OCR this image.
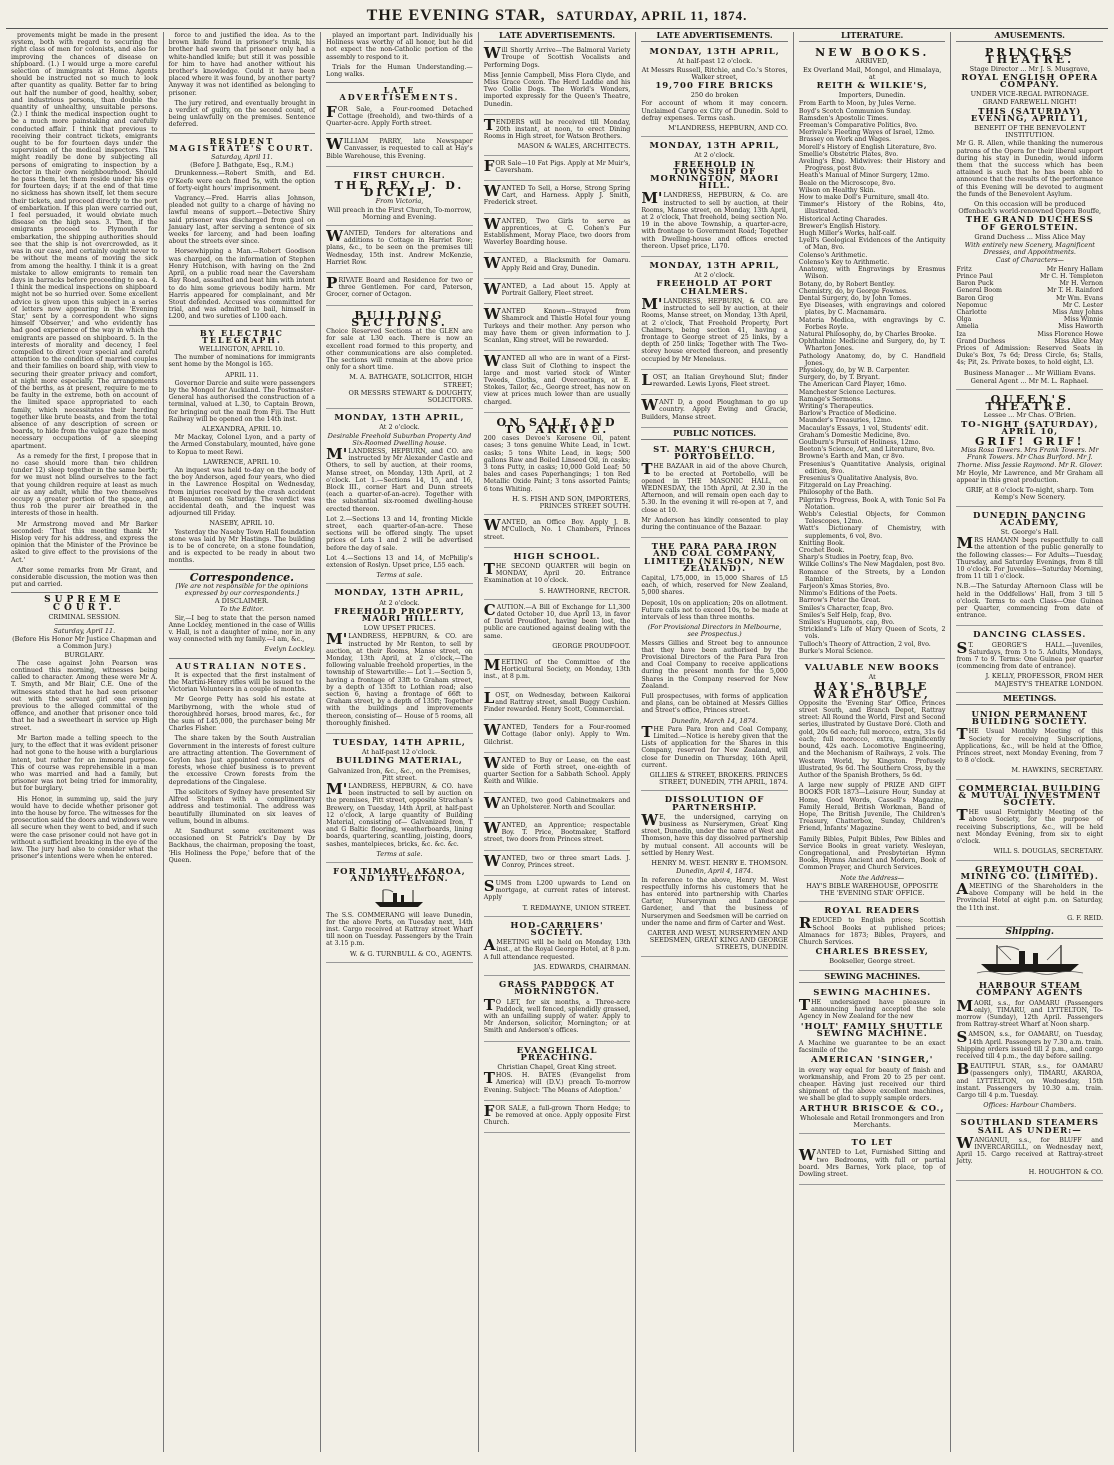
THE EVENING STAR , SATURDAY, APRIL 11, 1874.

provements might be made in the present system, both with regard to securing the right class of men for colonists, and also for improving the chances of disease on shipboard. (1.) I would urge a more careful selection of immigrants at Home. Agents should be instructed not so much to look after quantity as quality. Better far to bring out half the number of good, healthy, sober, and industrious persons, than double the quantity of unhealthy, unsuitable persons. (2.) I think the medical inspection ought to be a much more painstaking and carefully conducted affair. I think that previous to receiving their contract tickets, emigrants ought to be for fourteen days under the supervision of the medical inspectors. This might readily be done by subjecting all persons of emigrating to inspection by a doctor in their own neighbourhood. Should he pass them, let them reside under his eye for fourteen days; if at the end of that time no sickness has shown itself, let them secure their tickets, and proceed directly to the port of embarkation. If this plan were carried out, I feel persuaded, it would obviate much disease on the high seas. 3. Then, if the emigrants proceed to Plymouth for embarkation, the shipping authorities should see that the ship is not overcrowded, as it was in our case, and certainly ought never to be without the means of moving the sick from among the healthy. I think it is a great mistake to allow emigrants to remain ten days in barracks before proceeding to sea. 4. I think the medical inspections on shipboard might not be so hurried over. Some excellent advice is given upon this subject in a series of letters now appearing in the 'Evening Star,' sent by a correspondent who signs himself 'Observer,' and who evidently has had good experience of the way in which the emigrants are passed on shipboard. 5. In the interests of morality and decency, I feel compelled to direct your special and careful attention to the condition of married couples and their families on board ship, with view to securing their greater privacy and comfort, at night more especially. The arrangements of the berths, as at present, require to me to be faulty in the extreme, both on account of the limited space appropriated to each family, which necessitates their herding together like brute beasts, and from the total absence of any description of screen or boards, to hide from the vulgar gaze the most necessary occupations of a sleeping apartment.

As a remedy for the first, I propose that in no case should more than two children (under 12) sleep together in the same berth; for we must not blind ourselves to the fact that young children require at least as much air as any adult, while the two themselves occupy a greater portion of the space, and thus rob the purer air breathed in the interests of those in health.

Mr Armstrong moved and Mr Barker seconded: 'That this meeting thank Mr Hislop very for his address, and express the opinion that the Minister of the Province be asked to give effect to the provisions of the Act.'

After some remarks from Mr Grant, and considerable discussion, the motion was then put and carried.

SUPREME COURT.
CRIMINAL SESSION.
Saturday, April 11.
(Before His Honor Mr Justice Chapman and a Common Jury.)
BURGLARY.

The case against John Pearson was continued this morning, witnesses being called to character. Among these were Mr A. T. Smyth, and Mr Blair, C.E. One of the witnesses stated that he had seen prisoner out with the servant girl one evening previous to the alleged committal of the offence, and another that prisoner once told that he had a sweetheart in service up High street.

Mr Barton made a telling speech to the jury, to the effect that it was evident prisoner had not gone to the house with a burglarious intent, but rather for an immoral purpose. This of course was reprehensible in a man who was married and had a family, but prisoner was not being tried for immorality, but for burglary.

His Honor, in summing up, said the jury would have to decide whether prisoner got into the house by force. The witnesses for the prosecution said the doors and windows were all secure when they went to bed, and if such were the case prisoner could not have got in without a sufficient breaking in the eye of the law. The jury had also to consider what the prisoner's intentions were when he entered.

force to and justified the idea. As to the brown knife found in prisoner's trunk, his brother had sworn that prisoner only had a white-handled knife; but still it was possible for him to have had another without his brother's knowledge. Could it have been placed where it was found, by another party? Anyway it was not identified as belonging to prisoner.

The jury retired, and eventually brought in a verdict of guilty, on the second count, of being unlawfully on the premises. Sentence deferred.

RESIDENT MAGISTRATE'S COURT.
Saturday, April 11.
(Before J. Bathgate, Esq., R.M.)

Drunkenness.—Robert Smith, and Ed. O'Keefe were each fined 5s, with the option of forty-eight hours' imprisonment.

Vagrancy.—Fred. Harris alias Johnson, pleaded not guilty to a charge of having no lawful means of support.—Detective Shiry said prisoner was discharged from gaol on January last, after serving a sentence of six weeks for larceny, and had been loafing about the streets ever since.

Horsewhipping a Man.—Robert Goodison was charged, on the information of Stephen Henry Hutchison, with having on the 2nd April, on a public road near the Caversham Bay Road, assaulted and beat him with intent to do him some grievous bodily harm. Mr Harris appeared for complainant, and Mr Stout defended. Accused was committed for trial, and was admitted to bail, himself in L200, and two sureties of L100 each.

BY ELECTRIC TELEGRAPH.
WELLINGTON, APRIL 10.

The number of nominations for immigrants sent home by the Mongol is 165.

APRIL 11.

Governor Darcie and suite were passengers by the Mongol for Auckland. The Postmaster-General has authorised the construction of a terminal, valued at L.30, to Captain Brown, for bringing out the mail from Fiji. The Hutt Railway will be opened on the 14th inst.

ALEXANDRA, APRIL 10.

Mr Mackay, Colonel Lyon, and a party of the Armed Constabulary, mounted, have gone to Kopua to meet Rewi.

LAWRENCE, APRIL 10.

An inquest was held to-day on the body of the boy Anderson, aged four years, who died in the Lawrence Hospital on Wednesday, from injuries received by the crash accident at Beaumont on Saturday. The verdict was accidental death, and the inquest was adjourned till Friday.

NASEBY, APRIL 10.

Yesterday the Naseby Town Hall foundation stone was laid by Mr Hastings. The building is to be of concrete, on a stone foundation, and is expected to be ready in about two months.

Correspondence.
[We are not responsible for the opinions expressed by our correspondents.]
A DISCLAIMER.
To the Editor.

Sir,—I beg to state that the person named Anne Lockley, mentioned in the case of Willis v. Hall, is not a daughter of mine, nor in any way connected with my family.—I am, &c.,

Evelyn Lockley.
AUSTRALIAN NOTES.

It is expected that the first instalment of the Martini-Henry rifles will be issued to the Victorian Volunteers in a couple of months.

Mr George Petty has sold his estate at Maribyrnong, with the whole stud of thoroughbred horses, brood mares, &c., for the sum of L45,000, the purchaser being Mr Charles Fisher.

The share taken by the South Australian Government in the interests of forest culture are attracting attention. The Government of Ceylon has just appointed conservators of forests, whose chief business is to prevent the excessive Crown forests from the depredations of the Cingalese.

The solicitors of Sydney have presented Sir Alfred Stephen with a complimentary address and testimonial. The address was beautifully illuminated on six leaves of vellum, bound in albums.

At Sandhurst some excitement was occasioned on St Patrick's Day by Dr Backhaus, the chairman, proposing the toast, 'His Holiness the Pope,' before that of the Queen.

played an important part. Individually his Holiness was worthy of all honor, but he did not expect the non-Catholic portion of the assembly to respond to it.

Trials for the Human Understanding.—Long walks.

LATE ADVERTISEMENTS.

FOR Sale, a Four-roomed Detached Cottage (freehold), and two-thirds of a Quarter-acre. Apply Forth street.

WILLIAM PARRY, late Newspaper Canvasser, is requested to call at Hay's Bible Warehouse, this Evening.

FIRST CHURCH.
THE REV. J. D. DICKIE,
From Victoria,
Will preach in the First Church, To-morrow, Morning and Evening.

WANTED, Tenders for alterations and additions to Cottage in Harriet Row; plans, &c., to be seen on the premises till Wednesday, 15th inst. Andrew McKenzie, Harriet Row.

PRIVATE Board and Residence for two or three Gentlemen. For card, Paterson, Grocer, corner of Octagon.

BUILDING SECTIONS.

Choice Reserved Sections at the GLEN are for sale at L30 each. There is now an excellent road formed to this property, and other communications are also completed. The sections will remain at the above price only for a short time.

M. A. BATHGATE, SOLICITOR, HIGH STREET;
OR MESSRS STEWART & DOUGHTY, SOLICITORS.
MONDAY, 13TH APRIL,
At 2 o'clock.
Desirable Freehold Suburban Property And Six-Roomed Dwelling house.

M'LANDRESS, HEPBURN, and CO. are instructed by Mr Alexander Castle and Others, to sell by auction, at their rooms, Manse street, on Monday, 13th April, at 2 o'clock. Lot 1.—Sections 14, 15, and 16, Block III., corner Hart and Dunn streets (each a quarter-of-an-acre). Together with the substantial six-roomed dwelling-house erected thereon.

Lot 2.—Sections 13 and 14, fronting Mickle street, each quarter-of-an-acre. These sections will be offered singly. The upset prices of Lots 1 and 2 will be advertised before the day of sale.

Lot 4.—Sections 13 and 14, of McPhilip's extension of Roslyn. Upset price, L55 each.

Terms at sale.
MONDAY, 13TH APRIL,
At 2 o'clock.
FREEHOLD PROPERTY, MAORI HILL.
LOW UPSET PRICES.

M'LANDRESS, HEPBURN, & CO. are instructed by Mr Renton, to sell by auction, at their Rooms, Manse street, on Monday, 13th April, at 2 o'clock,—The following valuable freehold properties, in the township of Stewartville:— Lot 1.—Section 5, having a frontage of 33ft to Graham street, by a depth of 135ft to Lothian road; also section 6, having a frontage of 66ft to Graham street, by a depth of 135ft; Together with the buildings and improvements thereon, consisting of— House of 5 rooms, all thoroughly finished.

TUESDAY, 14TH APRIL,
At half-past 12 o'clock.
BUILDING MATERIAL,
Galvanized Iron, &c., &c., on the Premises, Pitt street.

M'LANDRESS, HEPBURN, & CO. have been instructed to sell by auction on the premises, Pitt street, opposite Strachan's Brewery, on Tuesday, 14th April, at half-past 12 o'clock, A large quantity of Building Material, consisting of— Galvanized Iron, T and G Baltic flooring, weatherboards, lining boards, quartering, scantling, joisting, doors, sashes, mantelpieces, bricks, &c. &c. &c.

Terms at sale.
FOR TIMARU, AKAROA, AND LYTTELTON.

The S.S. COMMERANG will leave Dunedin, for the above Ports, on Tuesday next, 14th inst. Cargo received at Rattray street Wharf till noon on Tuesday. Passengers by the Train at 3.15 p.m.

W. & G. TURNBULL & CO., AGENTS.
LATE ADVERTISEMENTS.

Will Shortly Arrive—The Balmoral Variety Troupe of Scottish Vocalists and Performing Dogs.

Miss Jennie Campbell, Miss Flora Clyde, and Miss Grace Coxon. The Herd Laddie and his Two Collie Dogs. The World's Wonders, imported expressly for the Queen's Theatre, Dunedin.

TENDERS will be received till Monday, 20th instant, at noon, to erect Dining Rooms in High street, for Watson Brothers.

MASON & WALES, ARCHITECTS.

FOR Sale—10 Fat Pigs. Apply at Mr Muir's, Caversham.

WANTED To Sell, a Horse, Strong Spring Cart, and Harness. Apply J. Smith, Frederick street.

WANTED, Two Girls to serve as apprentices, at C. Cohen's Fur Establishment, Moray Place, two doors from Waverley Boarding house.

WANTED, a Blacksmith for Oamaru. Apply Reid and Gray, Dunedin.

WANTED, a Lad about 15. Apply at Portrait Gallery, Fleet street.

WANTED Known—Strayed from Shamrock and Thistle Hotel four young Turkeys and their mother. Any person who may have them or given information to J. Scanlan, King street, will be rewarded.

WANTED all who are in want of a First-class Suit of Clothing to inspect the large and most varied stock of Winter Tweeds, Cloths, and Overcoatings, at E. Stokes, Tailor, &c., George street, has now on view at prices much lower than are usually charged.

ON SALE AND TO ARRIVE.

200 cases Devoe's Kerosene Oil, patent cases; 3 tons genuine White Lead, in 1cwt. casks; 5 tons White Lead, in kegs; 500 gallons Raw and Boiled Linseed Oil, in casks; 3 tons Putty, in casks; 10,000 Gold Leaf; 50 bales and cases Paperhangings; 1 ton Red Metallic Oxide Paint; 3 tons assorted Paints; 6 tons Whiting.

H. S. FISH AND SON, IMPORTERS, PRINCES STREET SOUTH.

WANTED, an Office Boy. Apply J. B. M'Culloch, No. 1 Chambers, Princes street.

HIGH SCHOOL.

THE SECOND QUARTER will begin on MONDAY, April 20. Entrance Examination at 10 o'clock.

S. HAWTHORNE, RECTOR.

CAUTION.—A Bill of Exchange for L1,300 dated October 10, due April 13, in favor of David Proudfoot, having been lost, the public are cautioned against dealing with the same.

GEORGE PROUDFOOT.

MEETING of the Committee of the Horticultural Society, on Monday, 13th inst., at 8 p.m.

LOST, on Wednesday, between Kaikorai and Rattray street, small Buggy Cushion. Finder rewarded. Henry Scott, Commercial.

WANTED, Tenders for a Four-roomed Cottage (labor only). Apply to Wm. Gilchrist.

WANTED to Buy or Lease, on the east side of Forth street, one-eighth of quarter Section for a Sabbath School. Apply Keith and Wilkie.

WANTED, two good Cabinetmakers and an Upholsterer. North and Scoullar.

WANTED, an Apprentice; respectable Boy. T. Price, Bootmaker, Stafford street, two doors from Princes street.

WANTED, two or three smart Lads. J. Conroy, Princes street.

SUMS from L200 upwards to Lend on mortgage, at current rates of interest. Apply

T. REDMAYNE, UNION STREET.
HOD-CARRIERS' SOCIETY.

AMEETING will be held on Monday, 13th inst., at the Royal George Hotel, at 8 p.m. A full attendance requested.

JAS. EDWARDS, CHAIRMAN.
GRASS PADDOCK AT MORNINGTON.

TO LET, for six months, a Three-acre Paddock, well fenced, splendidly grassed, with an unfailing supply of water. Apply to Mr Anderson, solicitor, Mornington; or at Smith and Anderson's offices.

EVANGELICAL PREACHING.
Christian Chapel, Great King street.

THOS. H. BATES (Evangelist from America) will (D.V.) preach To-morrow Evening. Subject: 'The Means of Adoption.'

FOR SALE, a full-grown Thorn Hedge; to be removed at once. Apply opposite First Church.

LATE ADVERTISEMENTS.
MONDAY, 13TH APRIL,
At half-past 12 o'clock.
At Messrs Russell, Ritchie, and Co.'s Stores, Walker street,
19,700 FIRE BRICKS
250 do broken

For account of whom it may concern. Unclaimed Cargo ex City of Dunedin. Sold to defray expenses. Terms cash.

M'LANDRESS, HEPBURN, AND CO.
MONDAY, 13TH APRIL,
At 2 o'clock.
FREEHOLD IN TOWNSHIP OF MORNINGTON, MAORI HILL.

M'LANDRESS, HEPBURN, & Co. are instructed to sell by auction, at their Rooms, Manse street, on Monday, 13th April, at 2 o'clock, That freehold, being section No. 19 in the above Township, a quarter-acre, with frontage to Government Road; Together with Dwelling-house and offices erected thereon. Upset price, L170.

MONDAY, 13TH APRIL,
At 2 o'clock.
FREEHOLD AT PORT CHALMERS.

M'LANDRESS, HEPBURN, & CO. are instructed to sell by auction, at their Rooms, Manse street, on Monday, 13th April, at 2 o'clock, That Freehold Property, Port Chalmers, being section 41, having a frontage to George street of 25 links, by a depth of 250 links; Together with The Two-storey house erected thereon, and presently occupied by Mr Menelaus.

LOST, an Italian Greyhound Slut; finder rewarded. Lewis Lyons, Fleet street.

WANT D, a good Ploughman to go up country. Apply Ewing and Gracie, Builders, Manse street.

PUBLIC NOTICES.
ST. MARY'S CHURCH, PORTOBELLO.

THE BAZAAR in aid of the above Church, to be erected at Portobello, will be opened in THE MASONIC HALL, on WEDNESDAY, the 15th April, At 2.30 in the Afternoon, and will remain open each day to 5.30. In the evening it will re-open at 7, and close at 10.

Mr Anderson has kindly consented to play during the continuance of the Bazaar.

THE PARA PARA IRON AND COAL COMPANY, LIMITED (NELSON, NEW ZEALAND).

Capital, L75,000, in 15,000 Shares of L5 each, of which, reserved for New Zealand, 5,000 shares.

Deposit, 10s on application; 20s on allotment. Future calls not to exceed 10s, to be made at intervals of less than three months.

(For Provisional Directors in Melbourne, see Prospectus.)

Messrs Gillies and Street beg to announce that they have been authorised by the Provisional Directors of the Para Para Iron and Coal Company to receive applications during the present month for the 5,000 Shares in the Company reserved for New Zealand.

Full prospectuses, with forms of application and plans, can be obtained at Messrs Gillies and Street's office, Princes street.

Dunedin, March 14, 1874.

THE Para Para Iron and Coal Company, Limited.—Notice is hereby given that the Lists of application for the Shares in this Company, reserved for New Zealand, will close for Dunedin on Thursday, 16th April, current.

GILLIES & STREET, BROKERS. PRINCES STREET, DUNEDIN, 7TH APRIL, 1874.
DISSOLUTION OF PARTNERSHIP.

WE, the undersigned, carrying on business as Nurserymen, Great King street, Dunedin, under the name of West and Thomson, have this day dissolved partnership by mutual consent. All accounts will be settled by Henry West.

HENRY M. WEST. HENRY E. THOMSON.
Dunedin, April 4, 1874.

In reference to the above, Henry M. West respectfully informs his customers that he has entered into partnership with Charles Carter, Nurseryman and Landscape Gardener, and that the business of Nurserymen and Seedsmen will be carried on under the name and firm of Carter and West.

CARTER AND WEST, NURSERYMEN AND SEEDSMEN, GREAT KING AND GEORGE STREETS, DUNEDIN.
LITERATURE.
NEW BOOKS.
ARRIVED,
Ex Overland Mail, Mongol, and Himalaya, at
REITH & WILKIE'S,
Importers, Dunedin.
From Earth to Moon, by Jules Verne.
Boyd's Scotch Communion Sunday.
Ramsden's Apostolic Times.
Freeman's Comparative Politics, 8vo.
Merivale's Fleeting Wayes of Israel, 12mo.
Brassey on Work and Wages.
Morell's History of English Literature, 8vo.
Smellie's Obstetric Plates, 8vo.
Aveling's Eng. Midwives: their History and Progress, post 8vo.
Heath's Manual of Minor Surgery, 12mo.
Beale on the Microscope, 8vo.
Wilson on Healthy Skin.
How to make Doll's Furniture, small 4to.
Timmer's History of the Robins, 4to, illustrated.
Historical Acting Charades.
Brewer's English History.
Hugh Miller's Works, half-calf.
Lyell's Geological Evidences of the Antiquity of Man, 8vo.
Colenso's Arithmetic.
Colenso's Key to Arithmetic.
Anatomy, with Engravings by Erasmus Wilson.
Botany, do, by Robert Bentley.
Chemistry, do, by George Fownes.
Dental Surgery, do, by John Tomes.
Eye Diseases, with engravings and colored plates, by C. Macnamara.
Materia Medica, with engravings by C. Forbes Royle.
Natural Philosophy, do, by Charles Brooke.
Ophthalmic Medicine and Surgery, do, by T. Wharton Jones.
Pathology Anatomy, do, by C. Handfield Jones.
Physiology, do, by W. B. Carpenter.
Surgery, do, by T. Bryant.
The American Card Player, 16mo.
Manchester Science Lectures.
Ramage's Sermons.
Writing's Therapeutics.
Barlow's Practice of Medicine.
Maunder's Treasuries, 12mo.
Macaulay's Essays, 1 vol, Students' edit.
Graham's Domestic Medicine, 8vo.
Goulburn's Pursuit of Holiness, 12mo.
Beeton's Science, Art, and Literature, 8vo.
Browne's Earth and Man, cr 8vo.
Fresenius's Quantitative Analysis, original edition, 8vo.
Fresenius's Qualitative Analysis, 8vo.
Fitzgerald on Lay Preaching.
Philosophy of the Bath.
Pilgrim's Progress, Book A, with Tonic Sol Fa Notation.
Webb's Celestial Objects, for Common Telescopes, 12mo.
Watt's Dictionary of Chemistry, with supplements, 6 vol, 8vo.
Knitting Book.
Crochet Book.
Sharp's Studies in Poetry, fcap, 8vo.
Wilkie Collins's The New Magdalen, post 8vo.
Romance of the Streets, by a London Rambler.
Farjeon's Xmas Stories, 8vo.
Nimmo's Editions of the Poets.
Barrow's Peter the Great.
Smiles's Character, fcap, 8vo.
Smiles's Self Help, fcap, 8vo.
Smiles's Huguenots, cap, 8vo.
Strickland's Life of Mary Queen of Scots, 2 vols.
Tulloch's Theory of Attraction, 2 vol, 8vo.
Burke's Moral Science.
VALUABLE NEW BOOKS
At
HAY'S BIBLE WAREHOUSE,

Opposite the 'Evening Star' Office, Princes street South, and Branch Depot, Rattray street: All Round the World, First and Second series, illustrated by Gustave Doré. Cloth and gold, 20s 6d each; full morocco, extra, 31s 6d each; full morocco, extra, magnificently bound, 42s each. Locomotive Engineering, and the Mechanism of Railways, 2 vols. The Western World, by Kingston. Profusely illustrated, 9s 6d. The Southern Cross, by the Author of the Spanish Brothers, 5s 6d.

A large new supply of PRIZE AND GIFT BOOKS FOR 1873—Leisure Hour, Sunday at Home, Good Words, Cassell's Magazine, Family Herald, British Workman, Band of Hope, The British Juvenile, The Children's Treasury, Chatterbox, Sunday, Children's Friend, Infants' Magazine.

Family Bibles, Pulpit Bibles, Pew Bibles and Service Books in great variety. Wesleyan, Congregational, and Presbyterian Hymn Books, Hymns Ancient and Modern, Book of Common Prayer, and Church Services.

Note the Address—
HAY'S BIBLE WAREHOUSE, OPPOSITE THE 'EVENING STAR' OFFICE.
ROYAL READERS

REDUCED to English prices; Scottish School Books at published prices; Almanacs for 1873; Bibles, Prayers, and Church Services.

CHARLES BRESSEY,
Bookseller, George street.
SEWING MACHINES.
SEWING MACHINES.

THE undersigned have pleasure in announcing having accepted the sole Agency in New Zealand for the new

'HOLT' FAMILY SHUTTLE SEWING MACHINE.

A Machine we guarantee to be an exact facsimile of the

AMERICAN 'SINGER,'

in every way equal for beauty of finish and workmanship, and From 20 to 25 per cent. cheaper. Having just received our third shipment of the above excellent machines, we shall be glad to supply sample orders.

ARTHUR BRISCOE & CO.,
Wholesale and Retail Ironmongers and Iron Merchants.
TO LET

WANTED to Let, Furnished Sitting and two Bedrooms, with full or partial board. Mrs Barnes, York place, top of Dowling street.

AMUSEMENTS.
PRINCESS THEATRE.
Stage Director ... Mr J. S. Musgrave,
ROYAL ENGLISH OPERA COMPANY.
UNDER VICE-REGAL PATRONAGE.
GRAND FAREWELL NIGHT!
THIS (SATURDAY) EVENING, APRIL 11,
BENEFIT OF THE BENEVOLENT INSTITUTION.

Mr G. R. Allen, while thanking the numerous patrons of the Opera for their liberal support during his stay in Dunedin, would inform them that the success which has been attained is such that he has been able to announce that the results of the performance of this Evening will be devoted to augment the funds of the Benevolent Asylum.

On this occasion will be produced Offenbach's world-renowned Opera Bouffe,
THE GRAND DUCHESS OF GEROLSTEIN.
Grand Duchess ... Miss Alice May
With entirely new Scenery, Magnificent Dresses, and Appointments.
Cast of Characters—
Fritz	Mr Henry Hallam
Prince Paul	Mr C. H. Templeton
Baron Puck	Mr H. Vernon
General Boom	Mr T. H. Rainford
Baron Grog	Mr Wm. Evans
Nepomuc	Mr C. Lester
Charlotte	Miss Amy Johns
Olga	Miss Winnie
Amelia	Miss Haworth
Iza	Miss Florence Howe
Grand Duchess	Miss Alice May

Prices of Admission: Reserved Seats in Duke's Box, 7s 6d; Dress Circle, 6s; Stalls, 4s; Pit, 2s. Private boxes, to hold eight, L3.

Business Manager ... Mr William Evans.
General Agent ... Mr M. L. Raphael.
QUEEN'S THEATRE.
Lessee ... Mr Chas. O'Brien.
TO-NIGHT (SATURDAY), APRIL 10,
GRIF! GRIF!
Miss Rosa Towers. Mrs Frank Towers. Mr Frank Towers. Mr Chas Burford. Mr J. Thorne. Miss Jessie Raymond. Mr R. Glover.

Mr Hoyle, Mr Lawrence, and Mr Graham all appear in this great production.

GRIF, at 8 o'clock To-night, sharp. Tom Kemp's New Scenery.
DUNEDIN DANCING ACADEMY,
St. George's Hall.

MRS HAMANN begs respectfully to call the attention of the public generally to the following classes:— For Adults—Tuesday, Thursday, and Saturday Evenings, from 8 till 10 o'clock. For Juveniles—Saturday Morning, from 11 till 1 o'clock.

N.B.—The Saturday Afternoon Class will be held in the Oddfellows' Hall, from 3 till 5 o'clock. Terms to each Class—One Guinea per Quarter, commencing from date of entrance.

DANCING CLASSES.

ST. GEORGE'S HALL.—Juveniles, Saturdays, from 3 to 5. Adults, Mondays, from 7 to 9. Terms: One Guinea per quarter (commencing from date of entrance).

J. KELLY, PROFESSOR, FROM HER MAJESTY'S THEATRE LONDON.
MEETINGS.
UNION PERMANENT BUILDING SOCIETY.

THE Usual Monthly Meeting of this Society for receiving Subscriptions, Applications, &c., will be held at the Office, Princes street, next Monday Evening, from 7 to 8 o'clock.

M. HAWKINS, SECRETARY.
COMMERCIAL BUILDING & MUTUAL INVESTMENT SOCIETY.

THE usual Fortnightly Meeting of the above Society, for the purpose of receiving Subscriptions, &c., will be held next Monday Evening, from six to eight o'clock.

WILL S. DOUGLAS, SECRETARY.
GREYMOUTH COAL MINING CO. (LIMITED).

AMEETING of the Shareholders in the above Company will be held in the Provincial Hotel at eight p.m. on Saturday, the 11th inst.

G. F. REID.
Shipping.
HARBOUR STEAM COMPANY AGENTS

MAORI, s.s., for OAMARU (Passengers only), TIMARU, and LYTTELTON, To-morrow (Sunday), 12th April. Passengers from Rattray-street Wharf at Noon sharp.

SAMSON, s.s., for OAMARU, on Tuesday, 14th April. Passengers by 7.30 a.m. train. Shipping orders issued till 2 p.m., and cargo received till 4 p.m., the day before sailing.

BEAUTIFUL STAR, s.s., for OAMARU (passengers only), TIMARU, AKAROA, and LYTTELTON, on Wednesday, 15th instant. Passengers by 10.30 a.m. train. Cargo till 4 p.m. Tuesday.

Offices: Harbour Chambers.
SOUTHLAND STEAMERS SAIL AS UNDER:—

WANGANUI, s.s., for BLUFF and INVERCARGILL, on Wednesday next, April 15. Cargo received at Rattray-street Jetty.

H. HOUGHTON & CO.
